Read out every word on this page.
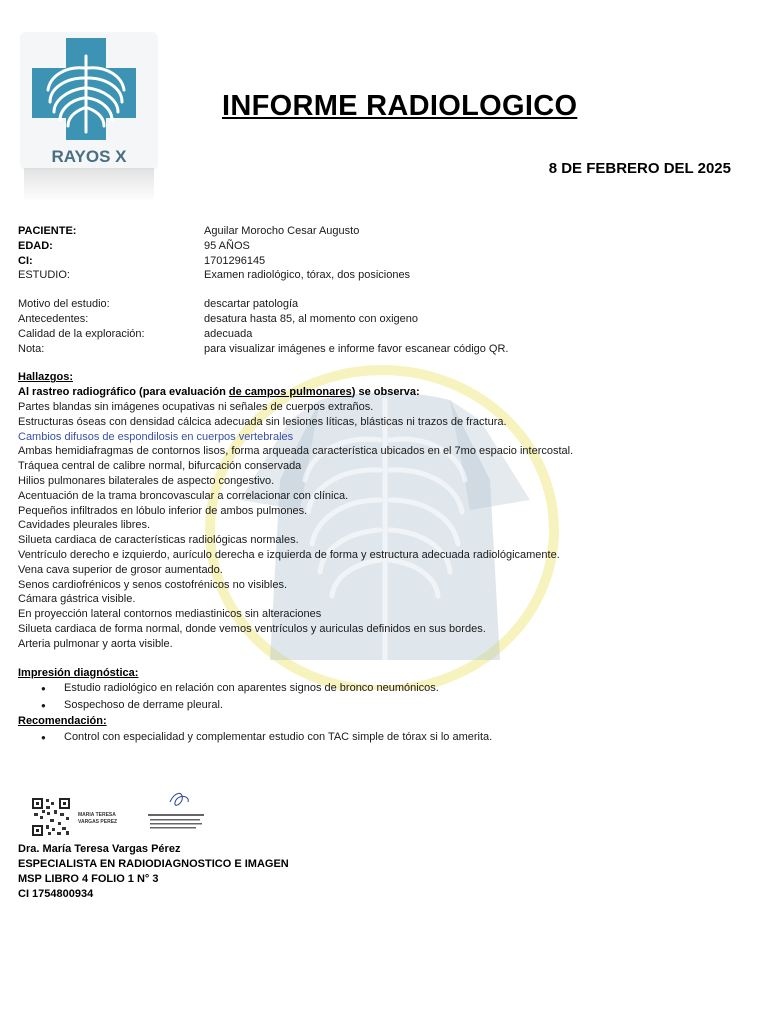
RAYOS X
INFORME RADIOLOGICO
8 DE FEBRERO DEL 2025
PACIENTE:	Aguilar Morocho Cesar Augusto
EDAD:	95 AÑOS
CI:	1701296145
ESTUDIO:	Examen radiológico, tórax, dos posiciones
Motivo del estudio:	descartar patología
Antecedentes:	desatura hasta 85, al momento con oxigeno
Calidad de la exploración:	adecuada
Nota:	para visualizar imágenes e informe favor escanear código QR.
Hallazgos:
Al rastreo radiográfico (para evaluación de campos pulmonares) se observa:
Partes blandas sin imágenes ocupativas ni señales de cuerpos extraños.
Estructuras óseas con densidad cálcica adecuada sin lesiones líticas, blásticas ni trazos de fractura.
Cambios difusos de espondilosis en cuerpos vertebrales
Ambas hemidiafragmas de contornos lisos, forma arqueada característica ubicados en el 7mo espacio intercostal.
Tráquea central de calibre normal, bifurcación conservada
Hilios pulmonares bilaterales de aspecto congestivo.
Acentuación de la trama broncovascular a correlacionar con clínica.
Pequeños infiltrados en lóbulo inferior de ambos pulmones.
Cavidades pleurales libres.
Silueta cardiaca de características radiológicas normales.
Ventrículo derecho e izquierdo, aurículo derecha e izquierda de forma y estructura adecuada radiológicamente.
Vena cava superior de grosor aumentado.
Senos cardiofrénicos y senos costofrénicos no visibles.
Cámara gástrica visible.
En proyección lateral contornos mediastinicos sin alteraciones
Silueta cardiaca de forma normal, donde vemos ventrículos y auriculas definidos en sus bordes.
Arteria pulmonar y aorta visible.
Impresión diagnóstica:
● Estudio radiológico en relación con aparentes signos de bronco neumónicos.
● Sospechoso de derrame pleural.
Recomendación:
● Control con especialidad y complementar estudio con TAC simple de tórax si lo amerita.
MARIA TERESA
VARGAS PEREZ
Dra. María Teresa Vargas Pérez
ESPECIALISTA EN RADIODIAGNOSTICO E IMAGEN
MSP LIBRO 4 FOLIO 1 N° 3
CI 1754800934
